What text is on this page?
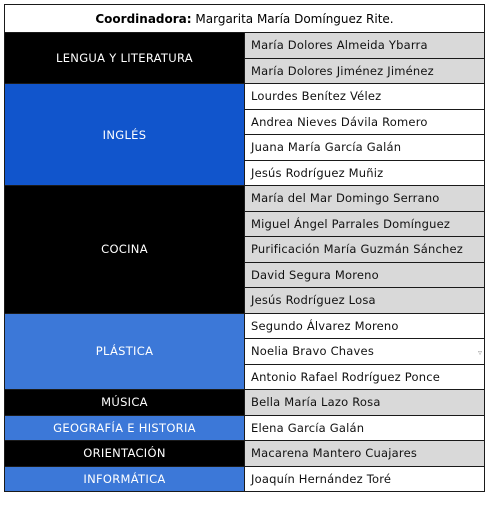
Coordinadora: Margarita María Domínguez Rite.	
LENGUA Y LITERATURA	María Dolores Almeida Ybarra
	María Dolores Jiménez Jiménez
INGLÉS	Lourdes Benítez Vélez
	Andrea Nieves Dávila Romero
	Juana María García Galán
	Jesús Rodríguez Muñiz
COCINA	María del Mar Domingo Serrano
	Miguel Ángel Parrales Domínguez
	Purificación María Guzmán Sánchez
	David Segura Moreno
	Jesús Rodríguez Losa
PLÁSTICA	Segundo Álvarez Moreno
	Noelia Bravo Chaves
	Antonio Rafael Rodríguez Ponce
MÚSICA	Bella María Lazo Rosa
GEOGRAFÍA E HISTORIA	Elena García Galán
ORIENTACIÓN	Macarena Mantero Cuajares
INFORMÁTICA	Joaquín Hernández Toré
▿
